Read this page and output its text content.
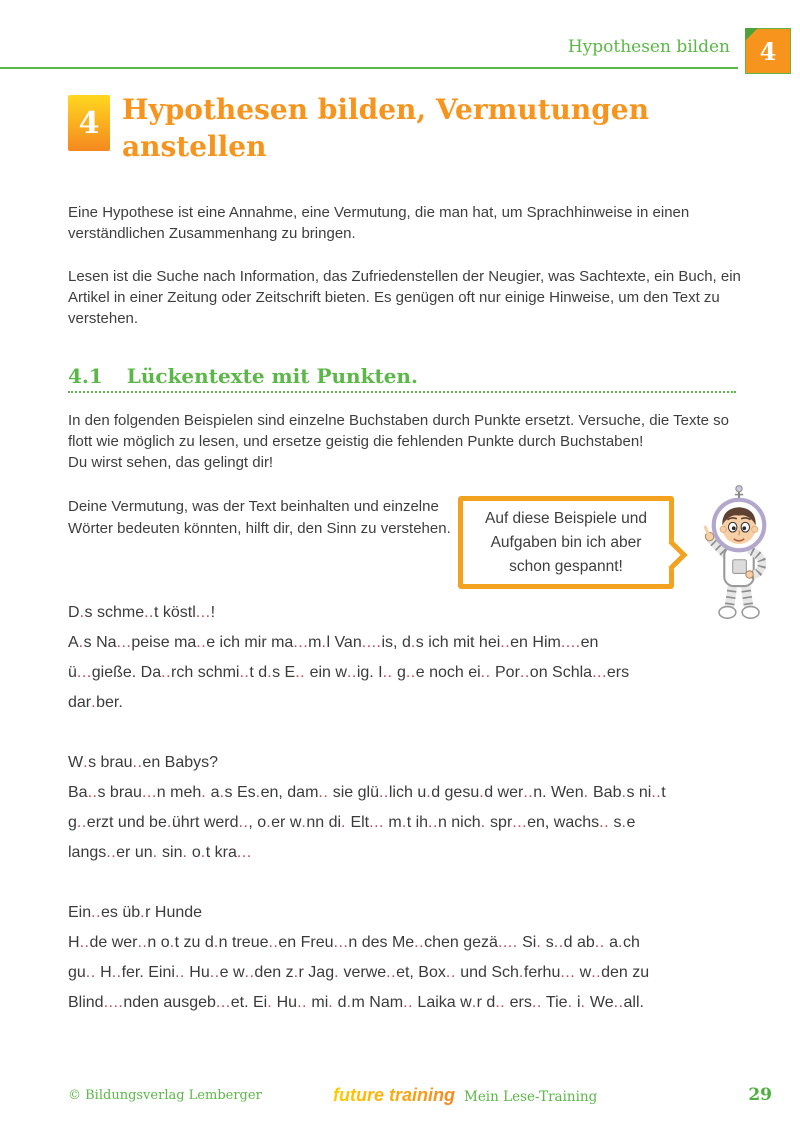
Hypothesen bilden 4
4 Hypothesen bilden, Vermutungen anstellen
Eine Hypothese ist eine Annahme, eine Vermutung, die man hat, um Sprachhinweise in einen verständlichen Zusammenhang zu bringen.
Lesen ist die Suche nach Information, das Zufriedenstellen der Neugier, was Sachtexte, ein Buch, ein Artikel in einer Zeitung oder Zeitschrift bieten. Es genügen oft nur einige Hinweise, um den Text zu verstehen.
4.1 Lückentexte mit Punkten.
In den folgenden Beispielen sind einzelne Buchstaben durch Punkte ersetzt. Versuche, die Texte so flott wie möglich zu lesen, und ersetze geistig die fehlenden Punkte durch Buchstaben!
Du wirst sehen, das gelingt dir!
Deine Vermutung, was der Text beinhalten und einzelne Wörter bedeuten könnten, hilft dir, den Sinn zu verstehen.
Auf diese Beispiele und Aufgaben bin ich aber schon gespannt!
D.s schme..t köstl...!
A.s Na...peise ma..e ich mir ma...m.l Van....is, d.s ich mit hei..en Him....en
ü...gieße. Da..rch schmi..t d.s E.. ein w..ig. I.. g..e noch ei.. Por..on Schla...ers
dar.ber.
W.s brau..en Babys?
Ba..s brau...n meh. a.s Es.en, dam.. sie glü..lich u.d gesu.d wer..n. Wen. Bab.s ni..t
g..erzt und be.ührt werd.., o.er w.nn di. Elt... m.t ih..n nich. spr...en, wachs.. s.e
langs..er un. sin. o.t kra...
Ein..es üb.r Hunde
H..de wer..n o.t zu d.n treue..en Freu...n des Me..chen gezä.... Si. s..d ab.. a.ch
gu.. H..fer. Eini.. Hu..e w..den z.r Jag. verwe..et, Box.. und Sch.ferhu... w..den zu
Blind....nden ausgeb...et. Ei. Hu.. mi. d.m Nam.. Laika w.r d.. ers.. Tie. i. We..all.
© Bildungsverlag Lemberger	future training Mein Lese-Training	29
